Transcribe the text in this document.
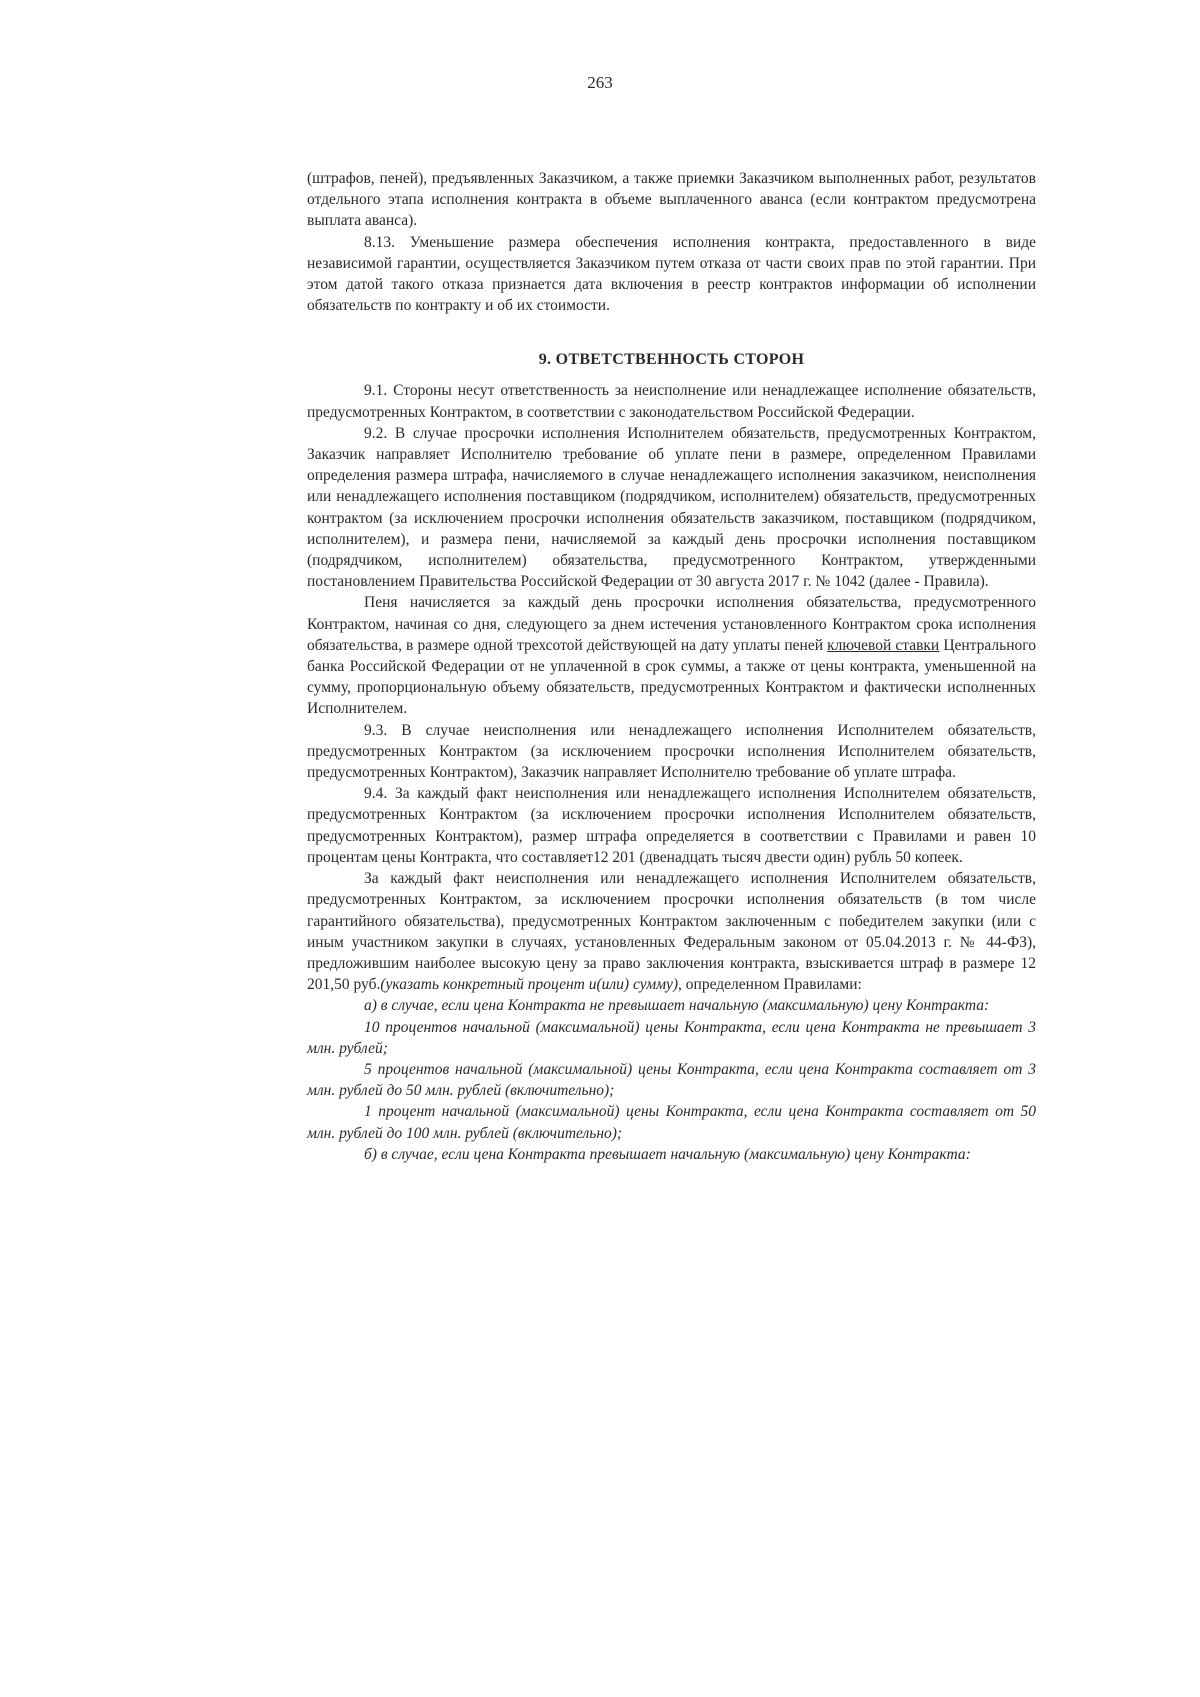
263

(штрафов, пеней), предъявленных Заказчиком, а также приемки Заказчиком выполненных работ, результатов отдельного этапа исполнения контракта в объеме выплаченного аванса (если контрактом предусмотрена выплата аванса).

8.13. Уменьшение размера обеспечения исполнения контракта, предоставленного в виде независимой гарантии, осуществляется Заказчиком путем отказа от части своих прав по этой гарантии. При этом датой такого отказа признается дата включения в реестр контрактов информации об исполнении обязательств по контракту и об их стоимости.

9. ОТВЕТСТВЕННОСТЬ СТОРОН

9.1. Стороны несут ответственность за неисполнение или ненадлежащее исполнение обязательств, предусмотренных Контрактом, в соответствии с законодательством Российской Федерации.

9.2. В случае просрочки исполнения Исполнителем обязательств, предусмотренных Контрактом, Заказчик направляет Исполнителю требование об уплате пени в размере, определенном Правилами определения размера штрафа, начисляемого в случае ненадлежащего исполнения заказчиком, неисполнения или ненадлежащего исполнения поставщиком (подрядчиком, исполнителем) обязательств, предусмотренных контрактом (за исключением просрочки исполнения обязательств заказчиком, поставщиком (подрядчиком, исполнителем), и размера пени, начисляемой за каждый день просрочки исполнения поставщиком (подрядчиком, исполнителем) обязательства, предусмотренного Контрактом, утвержденными постановлением Правительства Российской Федерации от 30 августа 2017 г. № 1042 (далее - Правила).

Пеня начисляется за каждый день просрочки исполнения обязательства, предусмотренного Контрактом, начиная со дня, следующего за днем истечения установленного Контрактом срока исполнения обязательства, в размере одной трехсотой действующей на дату уплаты пеней ключевой ставки Центрального банка Российской Федерации от не уплаченной в срок суммы, а также от цены контракта, уменьшенной на сумму, пропорциональную объему обязательств, предусмотренных Контрактом и фактически исполненных Исполнителем.

9.3. В случае неисполнения или ненадлежащего исполнения Исполнителем обязательств, предусмотренных Контрактом (за исключением просрочки исполнения Исполнителем обязательств, предусмотренных Контрактом), Заказчик направляет Исполнителю требование об уплате штрафа.

9.4. За каждый факт неисполнения или ненадлежащего исполнения Исполнителем обязательств, предусмотренных Контрактом (за исключением просрочки исполнения Исполнителем обязательств, предусмотренных Контрактом), размер штрафа определяется в соответствии с Правилами и равен 10 процентам цены Контракта, что составляет12 201 (двенадцать тысяч двести один) рубль 50 копеек.

За каждый факт неисполнения или ненадлежащего исполнения Исполнителем обязательств, предусмотренных Контрактом, за исключением просрочки исполнения обязательств (в том числе гарантийного обязательства), предусмотренных Контрактом заключенным с победителем закупки (или с иным участником закупки в случаях, установленных Федеральным законом от 05.04.2013 г. № 44-ФЗ), предложившим наиболее высокую цену за право заключения контракта, взыскивается штраф в размере 12 201,50 руб.(указать конкретный процент и(или) сумму), определенном Правилами:

а) в случае, если цена Контракта не превышает начальную (максимальную) цену Контракта:

10 процентов начальной (максимальной) цены Контракта, если цена Контракта не превышает 3 млн. рублей;

5 процентов начальной (максимальной) цены Контракта, если цена Контракта составляет от 3 млн. рублей до 50 млн. рублей (включительно);

1 процент начальной (максимальной) цены Контракта, если цена Контракта составляет от 50 млн. рублей до 100 млн. рублей (включительно);

б) в случае, если цена Контракта превышает начальную (максимальную) цену Контракта:
